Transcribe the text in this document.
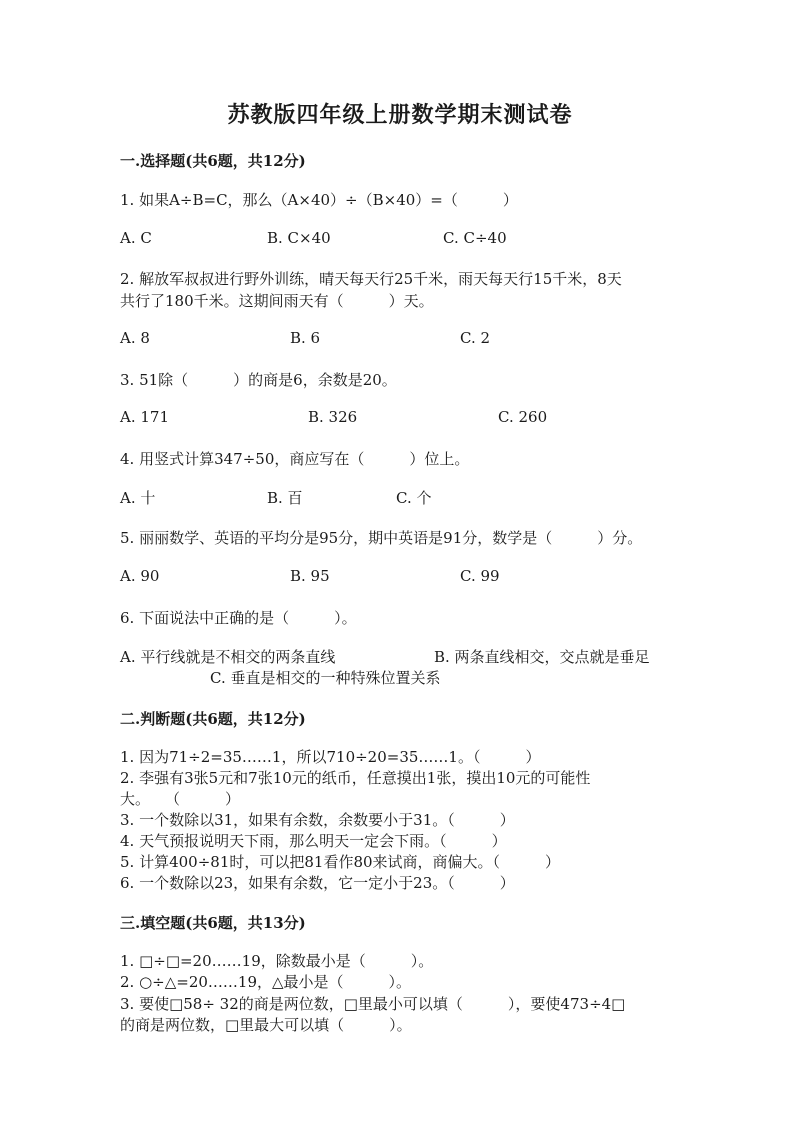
苏教版四年级上册数学期末测试卷
一.选择题(共6题，共12分)
1. 如果A÷B=C，那么（A×40）÷（B×40）=（　　　）
A. C	B. C×40	C. C÷40
2. 解放军叔叔进行野外训练，晴天每天行25千米，雨天每天行15千米，8天
共行了180千米。这期间雨天有（　　　）天。
A. 8	B. 6	C. 2
3. 51除（　　　）的商是6，余数是20。
A. 171	B. 326	C. 260
4. 用竖式计算347÷50，商应写在（　　　）位上。
A. 十	B. 百	C. 个
5. 丽丽数学、英语的平均分是95分，期中英语是91分，数学是（　　　）分。
A. 90	B. 95	C. 99
6. 下面说法中正确的是（　　　）。
A. 平行线就是不相交的两条直线	B. 两条直线相交，交点就是垂足
C. 垂直是相交的一种特殊位置关系
二.判断题(共6题，共12分)
1. 因为71÷2=35……1，所以710÷20=35……1。（　　　）
2. 李强有3张5元和7张10元的纸币，任意摸出1张，摸出10元的可能性
大。　　（　　　）
3. 一个数除以31，如果有余数，余数要小于31。（　　　）
4. 天气预报说明天下雨，那么明天一定会下雨。（　　　）
5. 计算400÷81时，可以把81看作80来试商，商偏大。（　　　）
6. 一个数除以23，如果有余数，它一定小于23。（　　　）
三.填空题(共6题，共13分)
1. □÷□=20……19，除数最小是（　　　）。
2. ○÷△=20……19，△最小是（　　　）。
3. 要使□58÷ 32的商是两位数，□里最小可以填（　　　），要使473÷4□
的商是两位数，□里最大可以填（　　　）。
